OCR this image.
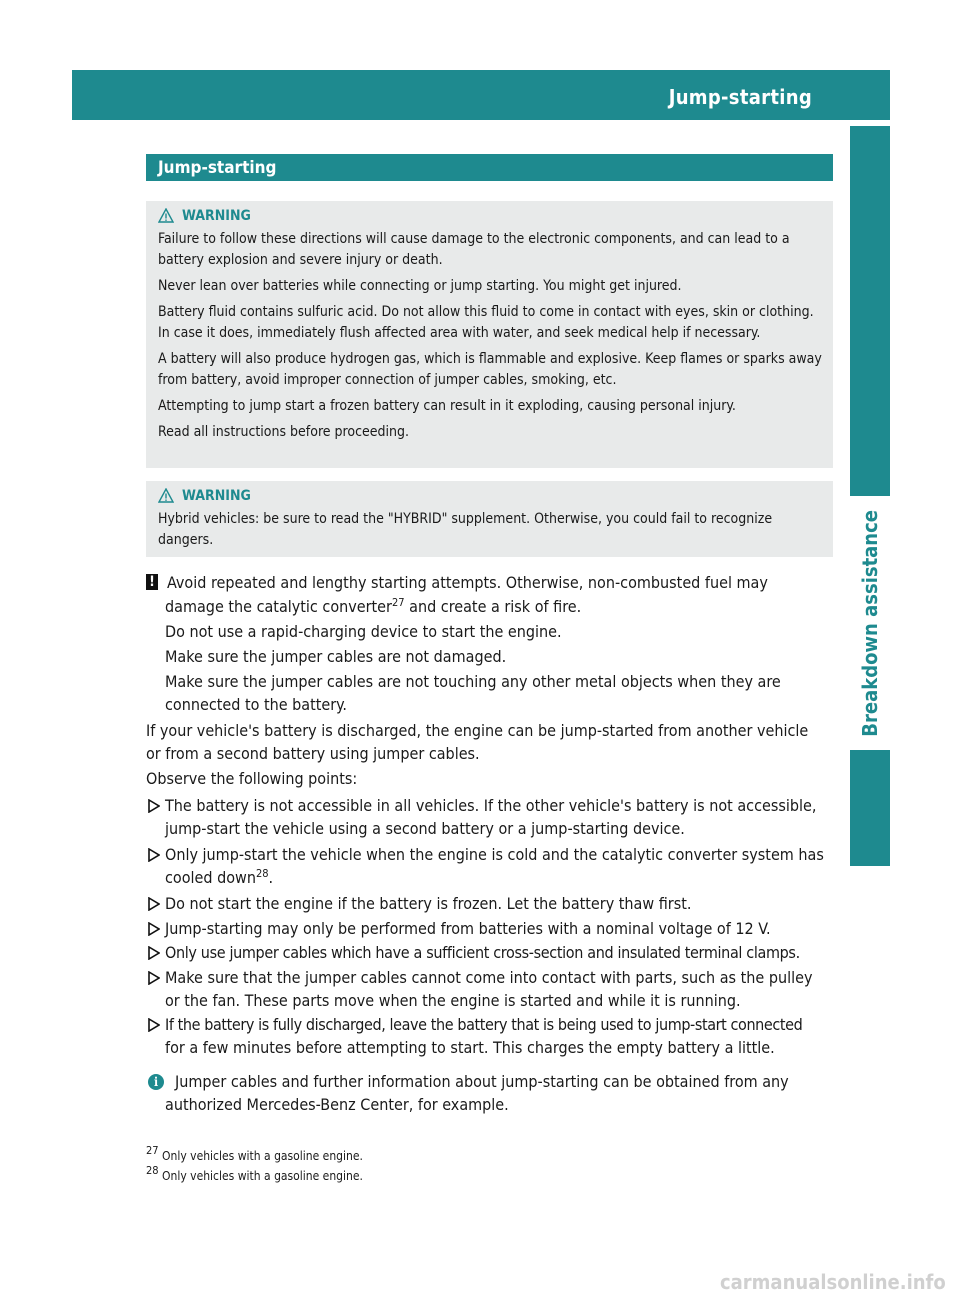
Jump-starting	481
Breakdown assistance
Jump-starting
WARNING

Failure to follow these directions will cause damage to the electronic components, and can lead to a battery explosion and severe injury or death.

Never lean over batteries while connecting or jump starting. You might get injured.

Battery fluid contains sulfuric acid. Do not allow this fluid to come in contact with eyes, skin or clothing. In case it does, immediately flush affected area with water, and seek medical help if necessary.

A battery will also produce hydrogen gas, which is flammable and explosive. Keep flames or sparks away from battery, avoid improper connection of jumper cables, smoking, etc.

Attempting to jump start a frozen battery can result in it exploding, causing personal injury.

Read all instructions before proceeding.

WARNING

Hybrid vehicles: be sure to read the "HYBRID" supplement. Otherwise, you could fail to recognize dangers.

! Avoid repeated and lengthy starting attempts. Otherwise, non-combusted fuel may
damage the catalytic converter$^{27}$ and create a risk of fire.
Do not use a rapid-charging device to start the engine.
Make sure the jumper cables are not damaged.
Make sure the jumper cables are not touching any other metal objects when they are
connected to the battery.
If your vehicle's battery is discharged, the engine can be jump-started from another vehicle
or from a second battery using jumper cables.
Observe the following points:
The battery is not accessible in all vehicles. If the other vehicle's battery is not accessible,
jump-start the vehicle using a second battery or a jump-starting device.
Only jump-start the vehicle when the engine is cold and the catalytic converter system has
cooled down$^{28}$.
Do not start the engine if the battery is frozen. Let the battery thaw first.
Jump-starting may only be performed from batteries with a nominal voltage of 12 V.
Only use jumper cables which have a sufficient cross-section and insulated terminal clamps.
Make sure that the jumper cables cannot come into contact with parts, such as the pulley
or the fan. These parts move when the engine is started and while it is running.
If the battery is fully discharged, leave the battery that is being used to jump-start connected
for a few minutes before attempting to start. This charges the empty battery a little.
i	Jumper cables and further information about jump-starting can be obtained from any
authorized Mercedes-Benz Center, for example.
$^{27}$ Only vehicles with a gasoline engine.
$^{28}$ Only vehicles with a gasoline engine.
carmanualsonline.info
